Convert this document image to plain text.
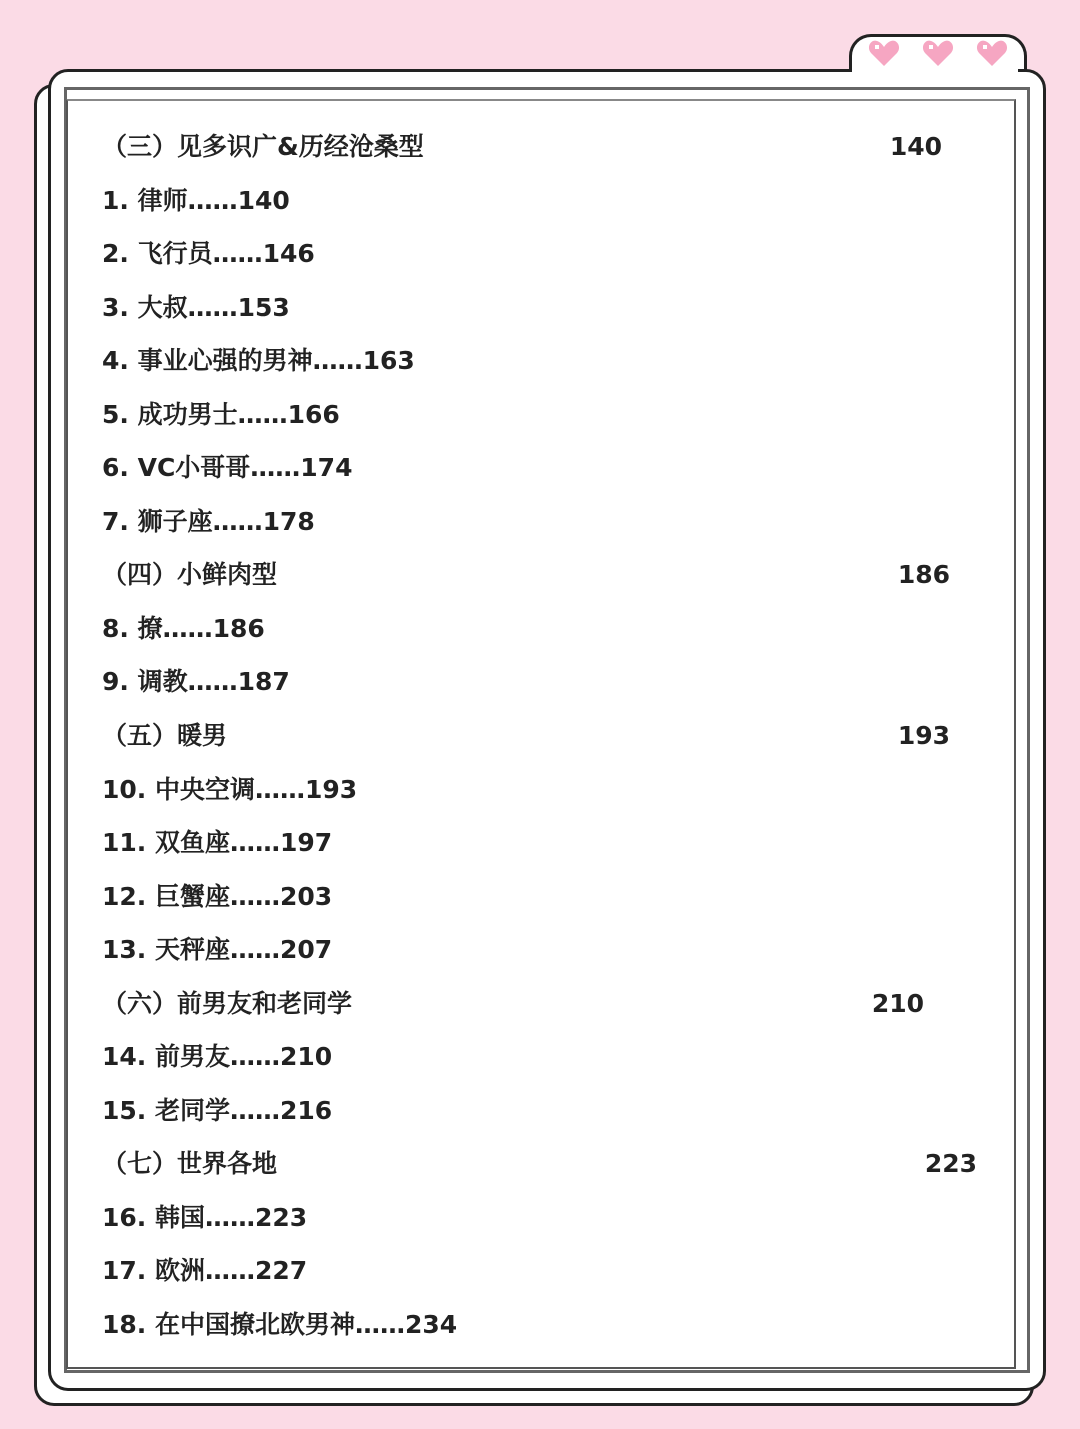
（三）见多识广&历经沧桑型	140
1. 律师……140
2. 飞行员……146
3. 大叔……153
4. 事业心强的男神……163
5. 成功男士……166
6. VC小哥哥……174
7. 狮子座……178
（四）小鲜肉型	186
8. 撩……186
9. 调教……187
（五）暖男	193
10. 中央空调……193
11. 双鱼座……197
12. 巨蟹座……203
13. 天秤座……207
（六）前男友和老同学	210
14. 前男友……210
15. 老同学……216
（七）世界各地	223
16. 韩国……223
17. 欧洲……227
18. 在中国撩北欧男神……234
